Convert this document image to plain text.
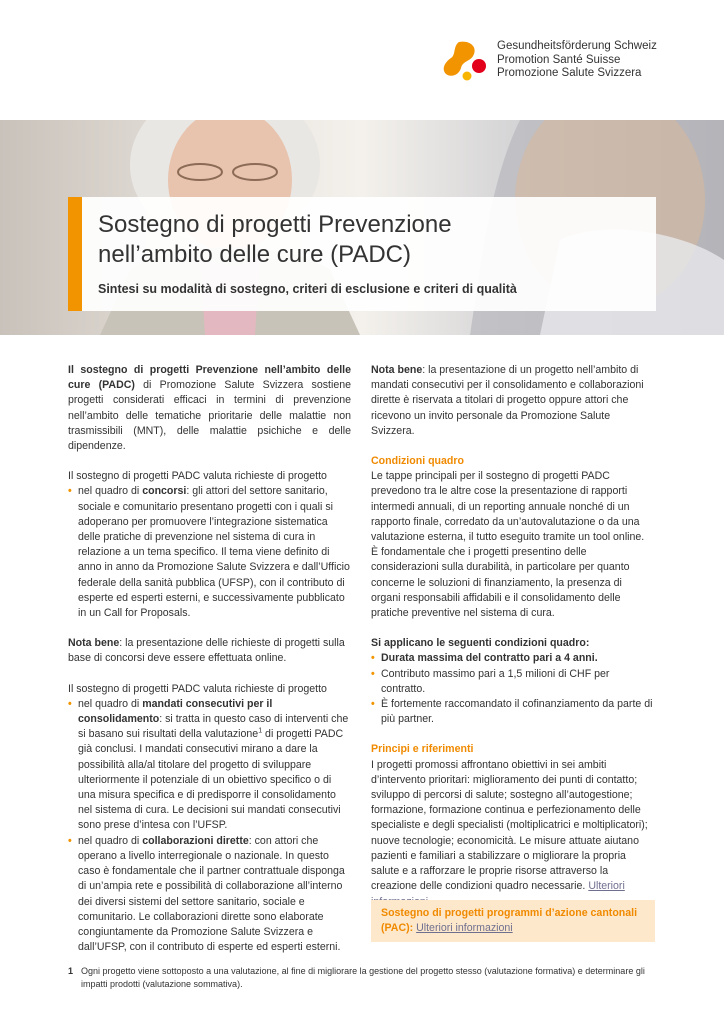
Gesundheitsförderung Schweiz
Promotion Santé Suisse
Promozione Salute Svizzera
Sostegno di progetti Prevenzione
nell’ambito delle cure (PADC)
Sintesi su modalità di sostegno, criteri di esclusione e criteri di qualità

Il sostegno di progetti Prevenzione nell’ambito delle cure (PADC) di Promozione Salute Svizzera sostiene progetti considerati efficaci in termini di prevenzione nell’ambito delle tematiche prioritarie delle malattie non trasmissibili (MNT), delle malattie psichiche e delle dipendenze.

Il sostegno di progetti PADC valuta richieste di progetto

• nel quadro di concorsi: gli attori del settore sanitario, sociale e comunitario presentano progetti con i quali si adoperano per promuovere l’integrazione sistematica delle pratiche di prevenzione nel sistema di cura in relazione a un tema specifico. Il tema viene definito di anno in anno da Promozione Salute Svizzera e dall’Ufficio federale della sanità pubblica (UFSP), con il contributo di esperte ed esperti esterni, e successivamente pubblicato in un Call for Proposals.

Nota bene: la presentazione delle richieste di progetti sulla base di concorsi deve essere effettuata online.

Il sostegno di progetti PADC valuta richieste di progetto

• nel quadro di mandati consecutivi per il consolidamento: si tratta in questo caso di interventi che si basano sui risultati della valutazione$^1$ di progetti PADC già conclusi. I mandati consecutivi mirano a dare la possibilità alla/al titolare del progetto di sviluppare ulteriormente il potenziale di un obiettivo specifico o di una misura specifica e di predisporre il consolidamento nel sistema di cura. Le decisioni sui mandati consecutivi sono prese d’intesa con l’UFSP.
• nel quadro di collaborazioni dirette: con attori che operano a livello interregionale o nazionale. In questo caso è fondamentale che il partner contrattuale disponga di un’ampia rete e possibilità di collaborazione all’interno dei diversi sistemi del settore sanitario, sociale e comunitario. Le collaborazioni dirette sono elaborate congiuntamente da Promozione Salute Svizzera e dall’UFSP, con il contributo di esperte ed esperti esterni.

Nota bene: la presentazione di un progetto nell’ambito di mandati consecutivi per il consolidamento e collaborazioni dirette è riservata a titolari di progetto oppure attori che ricevono un invito personale da Promozione Salute Svizzera.

Condizioni quadro

Le tappe principali per il sostegno di progetti PADC prevedono tra le altre cose la presentazione di rapporti intermedi annuali, di un reporting annuale nonché di un rapporto finale, corredato da un’autovalutazione o da una valutazione esterna, il tutto eseguito tramite un tool online. È fondamentale che i progetti presentino delle considerazioni sulla durabilità, in particolare per quanto concerne le soluzioni di finanziamento, la presenza di organi responsabili affidabili e il consolidamento delle pratiche preventive nel sistema di cura.

Si applicano le seguenti condizioni quadro:

• Durata massima del contratto pari a 4 anni.
• Contributo massimo pari a 1,5 milioni di CHF per contratto.
• È fortemente raccomandato il cofinanziamento da parte di più partner.

Principi e riferimenti

I progetti promossi affrontano obiettivi in sei ambiti d’intervento prioritari: miglioramento dei punti di contatto; sviluppo di percorsi di salute; sostegno all’autogestione; formazione, formazione continua e perfezionamento delle specialiste e degli specialisti (moltiplicatrici e moltiplicatori); nuove tecnologie; economicità. Le misure attuate aiutano pazienti e familiari a stabilizzare o migliorare la propria salute e a rafforzare le proprie risorse attraverso la creazione delle condizioni quadro necessarie. Ulteriori

Sostegno di progetti programmi d’azione cantonali (PAC): Ulteriori informazioni
1 Ogni progetto viene sottoposto a una valutazione, al fine di migliorare la gestione del progetto stesso (valutazione formativa) e determinare gli impatti prodotti (valutazione sommativa).
